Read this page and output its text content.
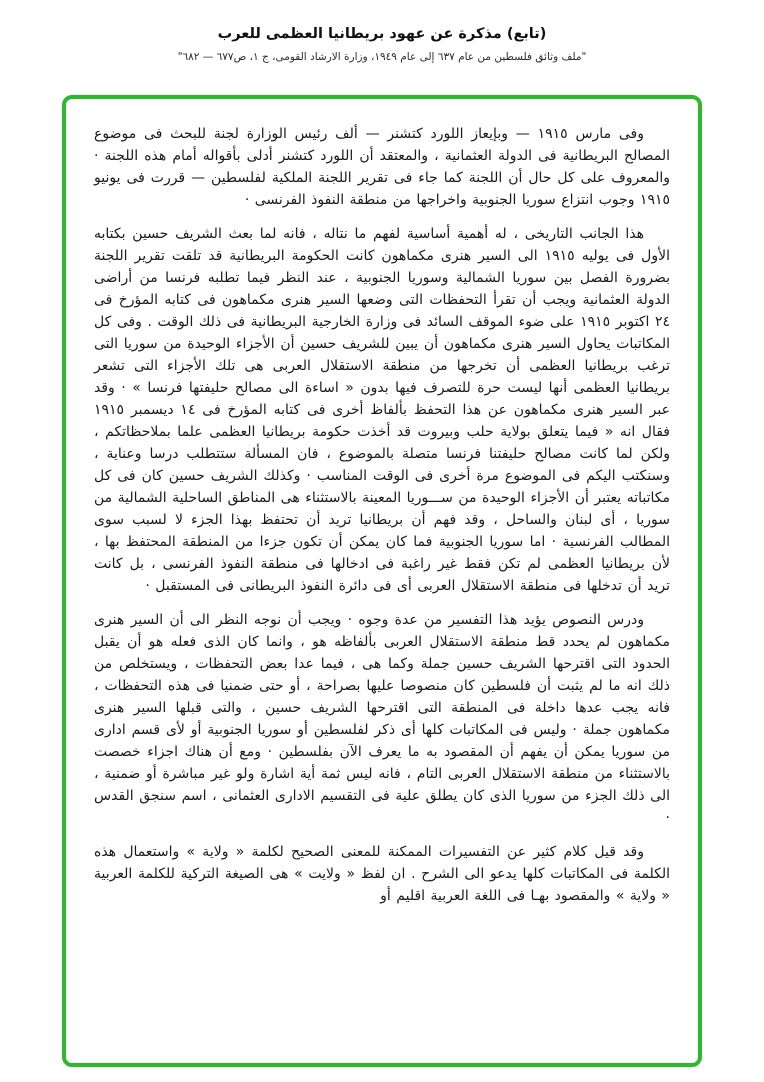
(تابع) مذكرة عن عهود بريطانيا العظمى للعرب
"ملف وثائق فلسطين من عام ٦٣٧ إلى عام ١٩٤٩، وزارة الارشاد القومى، ج ١، ص٦٧٧ — ٦٨٢"

وفى مارس ١٩١٥ — وبإيعاز اللورد كتشنر — ألف رئيس الوزارة لجنة للبحث فى موضوع المصالح البريطانية فى الدولة العثمانية ، والمعتقد أن اللورد كتشنر أدلى بأقواله أمام هذه اللجنة · والمعروف على كل حال أن اللجنة كما جاء فى تقرير اللجنة الملكية لفلسطين — قررت فى يونيو ١٩١٥ وجوب انتزاع سوريا الجنوبية واخراجها من منطقة النفوذ الفرنسى ·

هذا الجانب التاريخى ، له أهمية أساسية لفهم ما نتاله ، فانه لما بعث الشريف حسين بكتابه الأول فى يوليه ١٩١٥ الى السير هنرى مكماهون كانت الحكومة البريطانية قد تلقت تقرير اللجنة بضرورة الفصل بين سوريا الشمالية وسوريا الجنوبية ، عند النظر فيما تطلبه فرنسا من أراضى الدولة العثمانية ويجب أن تقرأ التحفظات التى وضعها السير هنرى مكماهون فى كتابه المؤرخ فى ٢٤ اكتوبر ١٩١٥ على ضوء الموقف السائد فى وزارة الخارجية البريطانية فى ذلك الوقت . وفى كل المكاتبات يحاول السير هنرى مكماهون أن يبين للشريف حسين أن الأجزاء الوحيدة من سوريا التى ترغب بريطانيا العظمى أن تخرجها من منطقة الاستقلال العربى هى تلك الأجزاء التى تشعر بريطانيا العظمى أنها ليست حرة للتصرف فيها بدون « اساءة الى مصالح حليفتها فرنسا » · وقد عبر السير هنرى مكماهون عن هذا التحفظ بألفاظ أخرى فى كتابه المؤرخ فى ١٤ ديسمبر ١٩١٥ فقال انه « فيما يتعلق بولاية حلب وبيروت قد أخذت حكومة بريطانيا العظمى علما بملاحظاتكم ، ولكن لما كانت مصالح حليفتنا فرنسا متصلة بالموضوع ، فان المسألة ستتطلب درسا وعناية ، وسنكتب اليكم فى الموضوع مرة أخرى فى الوقت المناسب · وكذلك الشريف حسين كان فى كل مكاتباته يعتبر أن الأجزاء الوحيدة من ســـوريا المعينة بالاستثناء هى المناطق الساحلية الشمالية من سوريا ، أى لبنان والساحل ، وقد فهم أن بريطانيا تريد أن تحتفظ بهذا الجزء لا لسبب سوى المطالب الفرنسية · اما سوريا الجنوبية فما كان يمكن أن تكون جزءا من المنطقة المحتفظ بها ، لأن بريطانيا العظمى لم تكن فقط غير راغبة فى ادخالها فى منطقة النفوذ الفرنسى ، بل كانت تريد أن تدخلها فى منطقة الاستقلال العربى أى فى دائرة النفوذ البريطانى فى المستقبل ·

ودرس النصوص يؤيد هذا التفسير من عدة وجوه · ويجب أن نوجه النظر الى أن السير هنرى مكماهون لم يحدد قط منطقة الاستقلال العربى بألفاظه هو ، وانما كان الذى فعله هو أن يقبل الحدود التى اقترحها الشريف حسين جملة وكما هى ، فيما عدا بعض التحفظات ، ويستخلص من ذلك انه ما لم يثبت أن فلسطين كان منصوصا عليها بصراحة ، أو حتى ضمنيا فى هذه التحفظات ، فانه يجب عدها داخلة فى المنطقة التى اقترحها الشريف حسين ، والتى قبلها السير هنرى مكماهون جملة · وليس فى المكاتبات كلها أى ذكر لفلسطين أو سوريا الجنوبية أو لأى قسم ادارى من سوريا يمكن أن يفهم أن المقصود به ما يعرف الآن بفلسطين · ومع أن هناك اجزاء خصصت بالاستثناء من منطقة الاستقلال العربى التام ، فانه ليس ثمة أية اشارة ولو غير مباشرة أو ضمنية ، الى ذلك الجزء من سوريا الذى كان يطلق علية فى التقسيم الادارى العثمانى ، اسم سنجق القدس ·

وقد قيل كلام كثير عن التفسيرات الممكنة للمعنى الصحيح لكلمة « ولاية » واستعمال هذه الكلمة فى المكاتبات كلها يدعو الى الشرح . ان لفظ « ولايت » هى الصيغة التركية للكلمة العربية « ولاية » والمقصود بهـا فى اللغة العربية اقليم أو
